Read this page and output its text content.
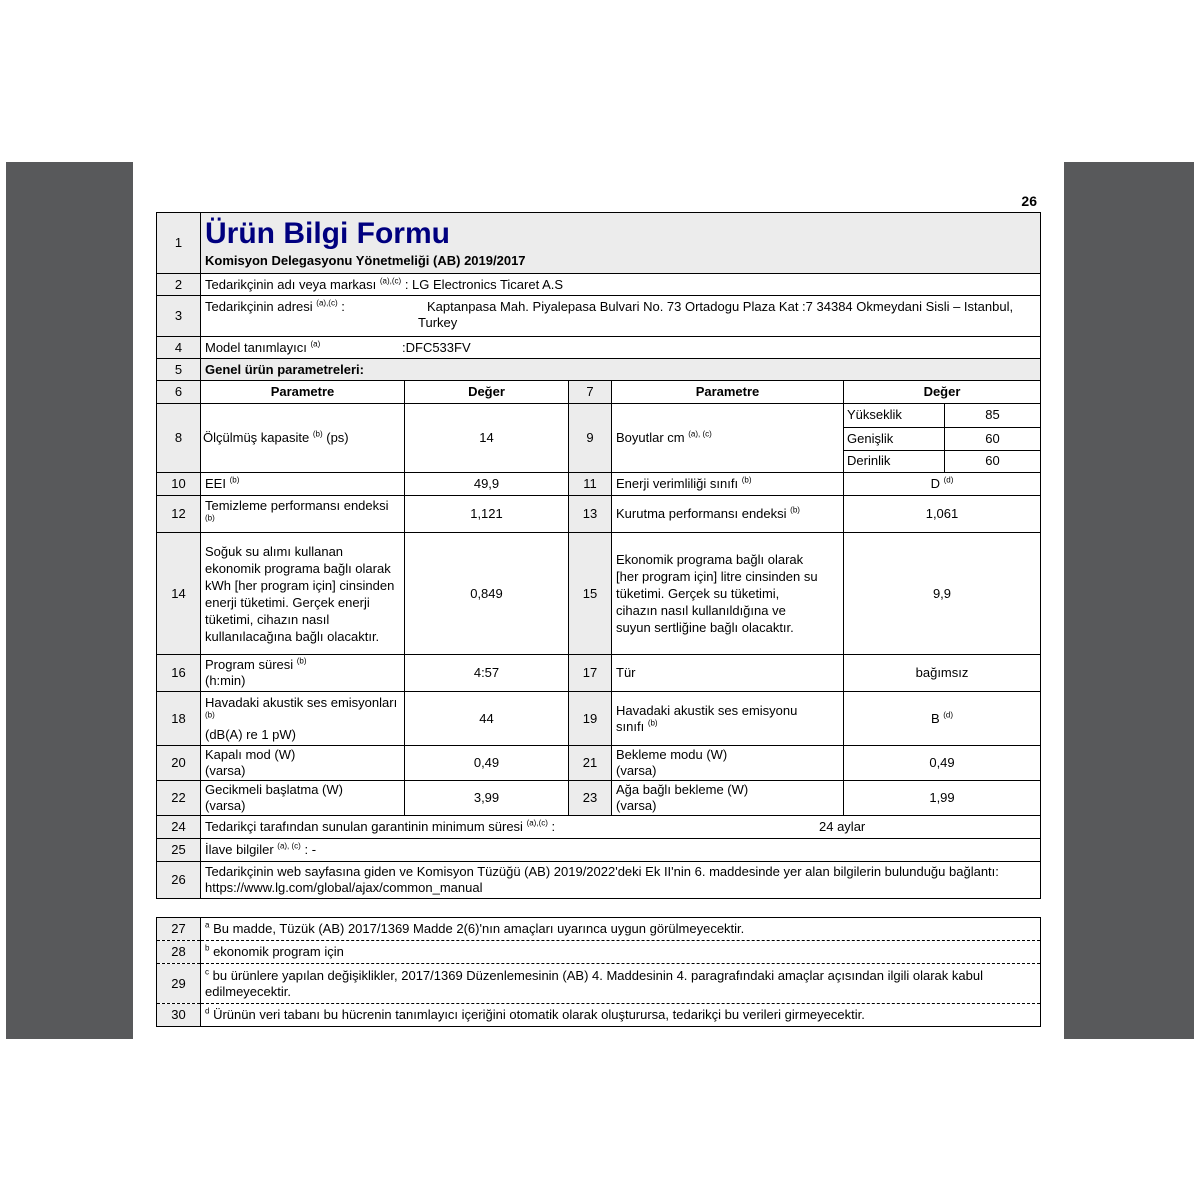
26
1	Ürün Bilgi Formu
Komisyon Delegasyonu Yönetmeliği (AB) 2019/2017

2	Tedarikçinin adı veya markası $^{(a),(c)}$ : LG Electronics Ticaret A.S
3	
Tedarikçinin adresi $^{(a),(c)}$ :	Kaptanpasa Mah. Piyalepasa Bulvari No. 73 Ortadogu Plaza Kat :7 34384 Okmeydani Sisli – Istanbul, Turkey

4	Model tanımlayıcı $^{(a)}$	:DFC533FV

5	Genel ürün parametreleri:
6	Parametre	Değer	7	Parametre	Değer
8	Ölçülmüş kapasite $^{(b)}$ (ps)	14	9	Boyutlar cm $^{(a), (c)}$	
Yükseklik	85
Genişlik	60
Derinlik	60

10	EEI $^{(b)}$	49,9	11	Enerji verimliliği sınıfı $^{(b)}$	D $^{(d)}$
12	Temizleme performansı endeksi $^{(b)}$	1,121	13	Kurutma performansı endeksi $^{(b)}$	1,061
14	Soğuk su alımı kullanan ekonomik programa bağlı olarak kWh [her program için] cinsinden enerji tüketimi. Gerçek enerji tüketimi, cihazın nasıl kullanılacağına bağlı olacaktır.	0,849	15	Ekonomik programa bağlı olarak [her program için] litre cinsinden su tüketimi. Gerçek su tüketimi, cihazın nasıl kullanıldığına ve suyun sertliğine bağlı olacaktır.	9,9
16	Program süresi $^{(b)}$
(h:min)	4:57	17	Tür	bağımsız
18	Havadaki akustik ses emisyonları $^{(b)}$
(dB(A) re 1 pW)	44	19	Havadaki akustik ses emisyonu sınıfı $^{(b)}$	B $^{(d)}$
20	Kapalı mod (W)
(varsa)	0,49	21	Bekleme modu (W)
(varsa)	0,49
22	Gecikmeli başlatma (W)
(varsa)	3,99	23	Ağa bağlı bekleme (W)
(varsa)	1,99
24	Tedarikçi tarafından sunulan garantinin minimum süresi $^{(a),(c)}$ :	24 aylar

25	İlave bilgiler $^{(a), (c)}$ : -
26	Tedarikçinin web sayfasına giden ve Komisyon Tüzüğü (AB) 2019/2022'deki Ek II'nin 6. maddesinde yer alan bilgilerin bulunduğu bağlantı: https://www.lg.com/global/ajax/common_manual
27	$^a$ Bu madde, Tüzük (AB) 2017/1369 Madde 2(6)'nın amaçları uyarınca uygun görülmeyecektir.
28	$^b$ ekonomik program için
29	$^c$ bu ürünlere yapılan değişiklikler, 2017/1369 Düzenlemesinin (AB) 4. Maddesinin 4. paragrafındaki amaçlar açısından ilgili olarak kabul edilmeyecektir.
30	$^d$ Ürünün veri tabanı bu hücrenin tanımlayıcı içeriğini otomatik olarak oluşturursa, tedarikçi bu verileri girmeyecektir.
